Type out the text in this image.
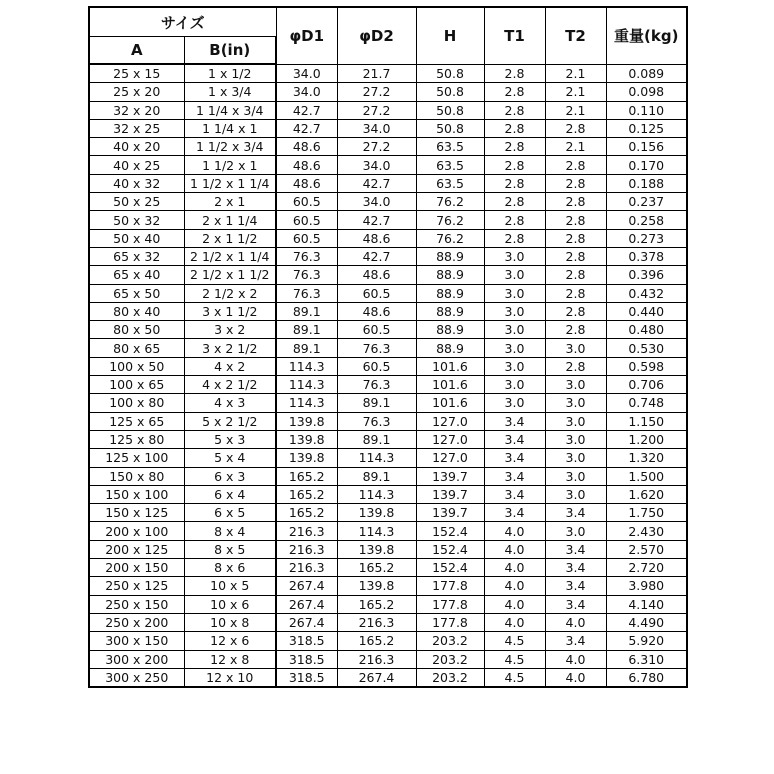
サイズ		φD1	φD2	H	T1	T2	重量(kg)
A	B(in)						
25 x 15	1 x 1/2	34.0	21.7	50.8	2.8	2.1	0.089
25 x 20	1 x 3/4	34.0	27.2	50.8	2.8	2.1	0.098
32 x 20	1 1/4 x 3/4	42.7	27.2	50.8	2.8	2.1	0.110
32 x 25	1 1/4 x 1	42.7	34.0	50.8	2.8	2.8	0.125
40 x 20	1 1/2 x 3/4	48.6	27.2	63.5	2.8	2.1	0.156
40 x 25	1 1/2 x 1	48.6	34.0	63.5	2.8	2.8	0.170
40 x 32	1 1/2 x 1 1/4	48.6	42.7	63.5	2.8	2.8	0.188
50 x 25	2 x 1	60.5	34.0	76.2	2.8	2.8	0.237
50 x 32	2 x 1 1/4	60.5	42.7	76.2	2.8	2.8	0.258
50 x 40	2 x 1 1/2	60.5	48.6	76.2	2.8	2.8	0.273
65 x 32	2 1/2 x 1 1/4	76.3	42.7	88.9	3.0	2.8	0.378
65 x 40	2 1/2 x 1 1/2	76.3	48.6	88.9	3.0	2.8	0.396
65 x 50	2 1/2 x 2	76.3	60.5	88.9	3.0	2.8	0.432
80 x 40	3 x 1 1/2	89.1	48.6	88.9	3.0	2.8	0.440
80 x 50	3 x 2	89.1	60.5	88.9	3.0	2.8	0.480
80 x 65	3 x 2 1/2	89.1	76.3	88.9	3.0	3.0	0.530
100 x 50	4 x 2	114.3	60.5	101.6	3.0	2.8	0.598
100 x 65	4 x 2 1/2	114.3	76.3	101.6	3.0	3.0	0.706
100 x 80	4 x 3	114.3	89.1	101.6	3.0	3.0	0.748
125 x 65	5 x 2 1/2	139.8	76.3	127.0	3.4	3.0	1.150
125 x 80	5 x 3	139.8	89.1	127.0	3.4	3.0	1.200
125 x 100	5 x 4	139.8	114.3	127.0	3.4	3.0	1.320
150 x 80	6 x 3	165.2	89.1	139.7	3.4	3.0	1.500
150 x 100	6 x 4	165.2	114.3	139.7	3.4	3.0	1.620
150 x 125	6 x 5	165.2	139.8	139.7	3.4	3.4	1.750
200 x 100	8 x 4	216.3	114.3	152.4	4.0	3.0	2.430
200 x 125	8 x 5	216.3	139.8	152.4	4.0	3.4	2.570
200 x 150	8 x 6	216.3	165.2	152.4	4.0	3.4	2.720
250 x 125	10 x 5	267.4	139.8	177.8	4.0	3.4	3.980
250 x 150	10 x 6	267.4	165.2	177.8	4.0	3.4	4.140
250 x 200	10 x 8	267.4	216.3	177.8	4.0	4.0	4.490
300 x 150	12 x 6	318.5	165.2	203.2	4.5	3.4	5.920
300 x 200	12 x 8	318.5	216.3	203.2	4.5	4.0	6.310
300 x 250	12 x 10	318.5	267.4	203.2	4.5	4.0	6.780
